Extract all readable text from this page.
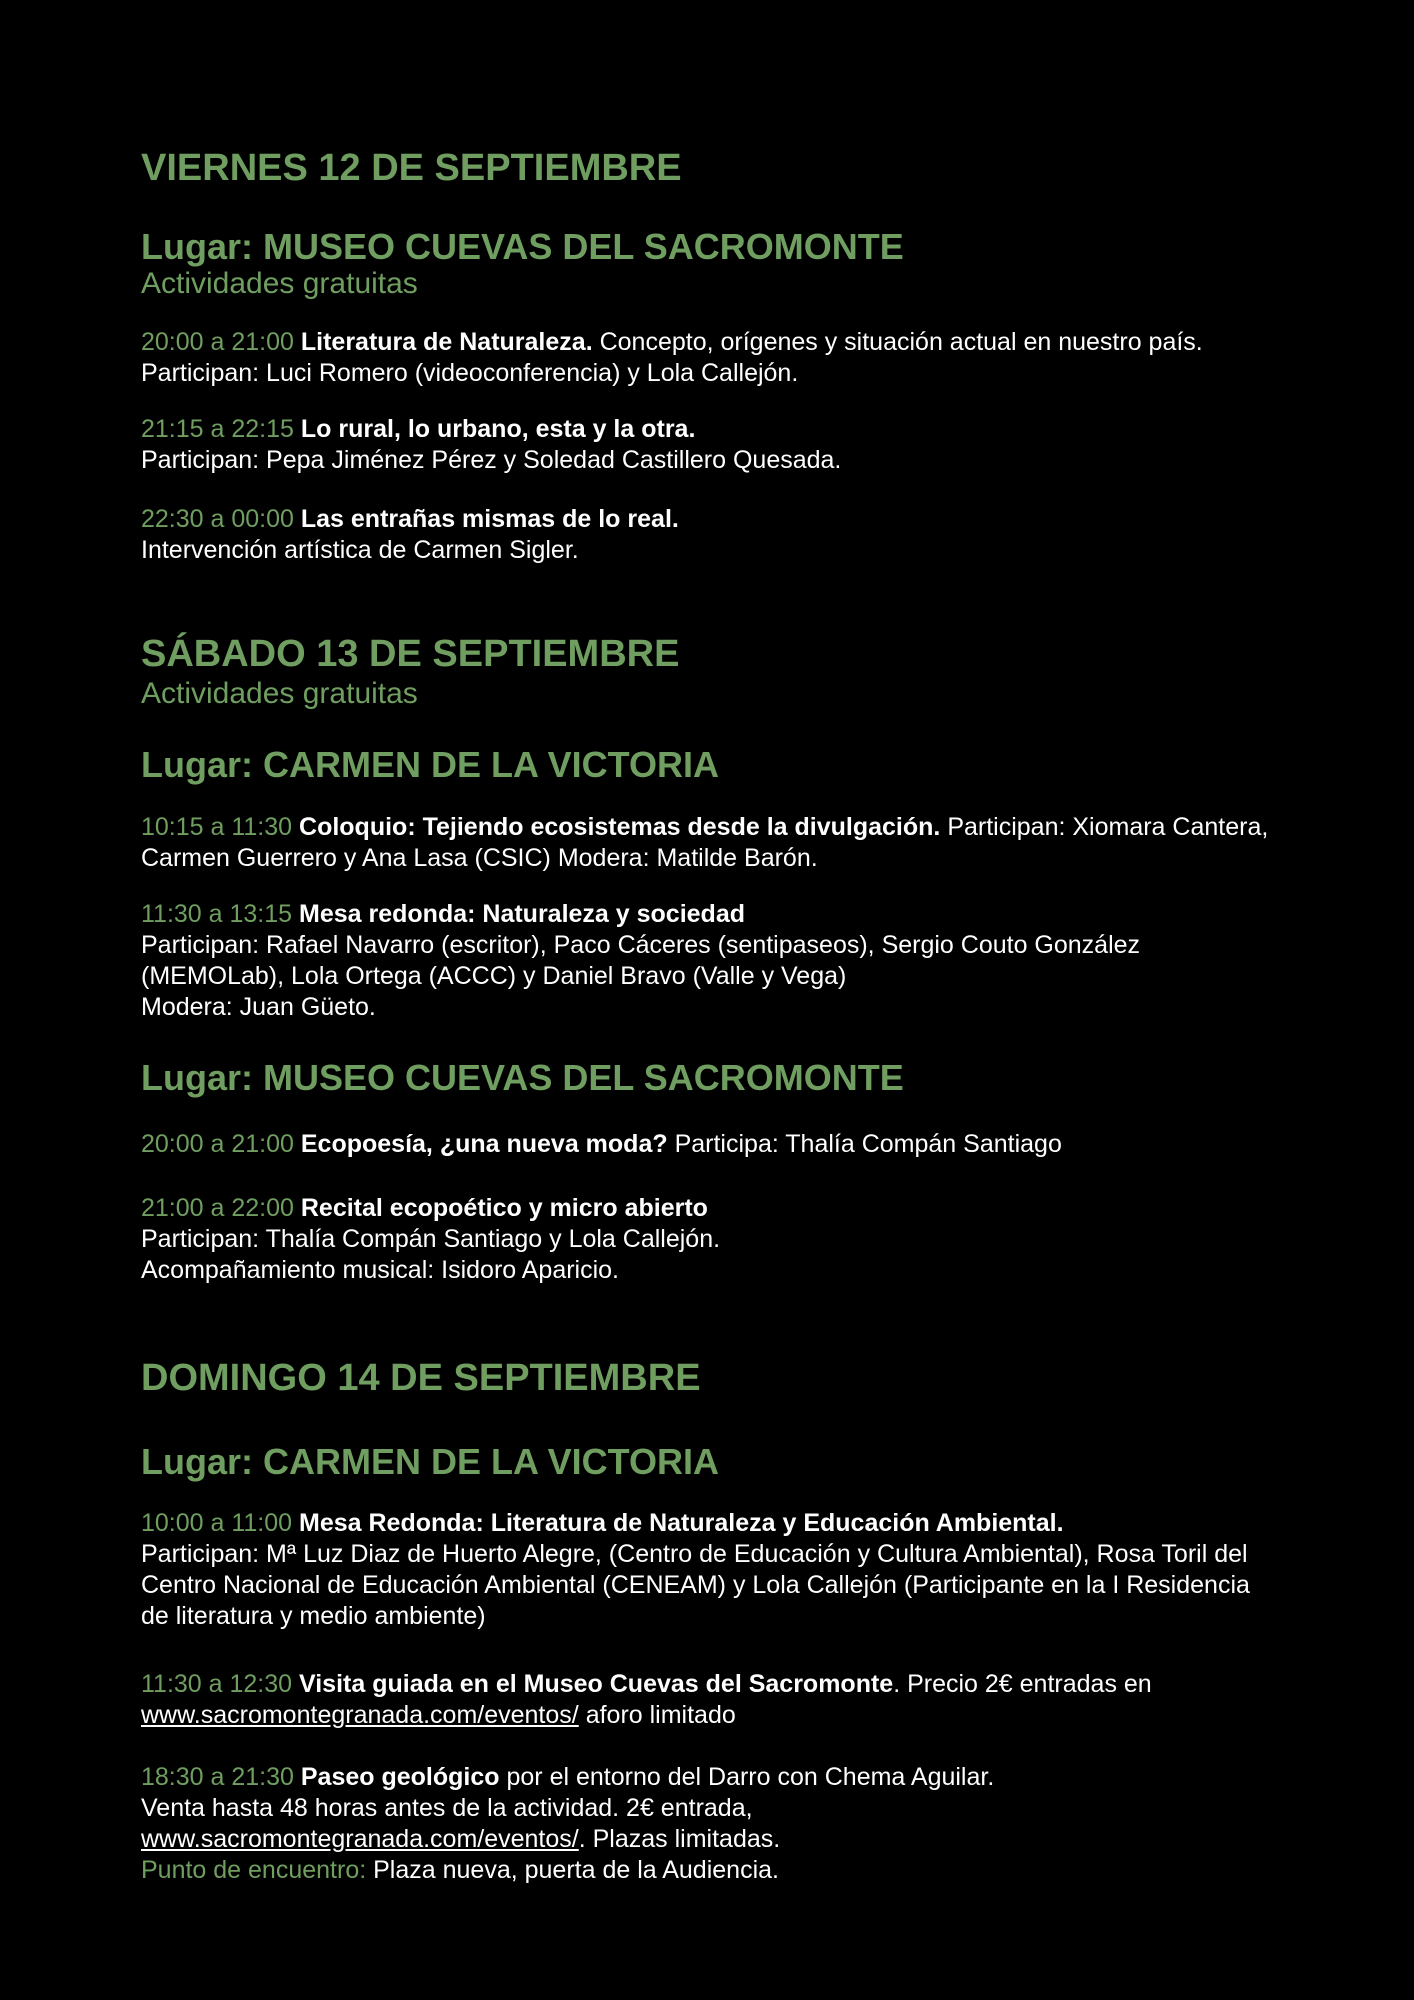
VIERNES 12 DE SEPTIEMBRE
Lugar: MUSEO CUEVAS DEL SACROMONTE
Actividades gratuitas
20:00 a 21:00 Literatura de Naturaleza. Concepto, orígenes y situación actual en nuestro país. Participan: Luci Romero (videoconferencia) y Lola Callejón.
21:15 a 22:15 Lo rural, lo urbano, esta y la otra.
Participan: Pepa Jiménez Pérez y Soledad Castillero Quesada.
22:30 a 00:00 Las entrañas mismas de lo real.
Intervención artística de Carmen Sigler.
SÁBADO 13 DE SEPTIEMBRE
Actividades gratuitas
Lugar: CARMEN DE LA VICTORIA
10:15 a 11:30 Coloquio: Tejiendo ecosistemas desde la divulgación. Participan: Xiomara Cantera, Carmen Guerrero y Ana Lasa (CSIC) Modera: Matilde Barón.
11:30 a 13:15 Mesa redonda: Naturaleza y sociedad
Participan: Rafael Navarro (escritor), Paco Cáceres (sentipaseos), Sergio Couto González (MEMOLab), Lola Ortega (ACCC) y Daniel Bravo (Valle y Vega)
Modera: Juan Güeto.
Lugar: MUSEO CUEVAS DEL SACROMONTE
20:00 a 21:00 Ecopoesía, ¿una nueva moda? Participa: Thalía Compán Santiago
21:00 a 22:00 Recital ecopoético y micro abierto
Participan: Thalía Compán Santiago y Lola Callejón.
Acompañamiento musical: Isidoro Aparicio.
DOMINGO 14 DE SEPTIEMBRE
Lugar: CARMEN DE LA VICTORIA
10:00 a 11:00 Mesa Redonda: Literatura de Naturaleza y Educación Ambiental.
Participan: Mª Luz Diaz de Huerto Alegre, (Centro de Educación y Cultura Ambiental), Rosa Toril del Centro Nacional de Educación Ambiental (CENEAM) y Lola Callejón (Participante en la I Residencia de literatura y medio ambiente)
11:30 a 12:30 Visita guiada en el Museo Cuevas del Sacromonte. Precio 2€ entradas en www.sacromontegranada.com/eventos/ aforo limitado
18:30 a 21:30 Paseo geológico por el entorno del Darro con Chema Aguilar.
Venta hasta 48 horas antes de la actividad. 2€ entrada,
www.sacromontegranada.com/eventos/. Plazas limitadas.
Punto de encuentro: Plaza nueva, puerta de la Audiencia.
